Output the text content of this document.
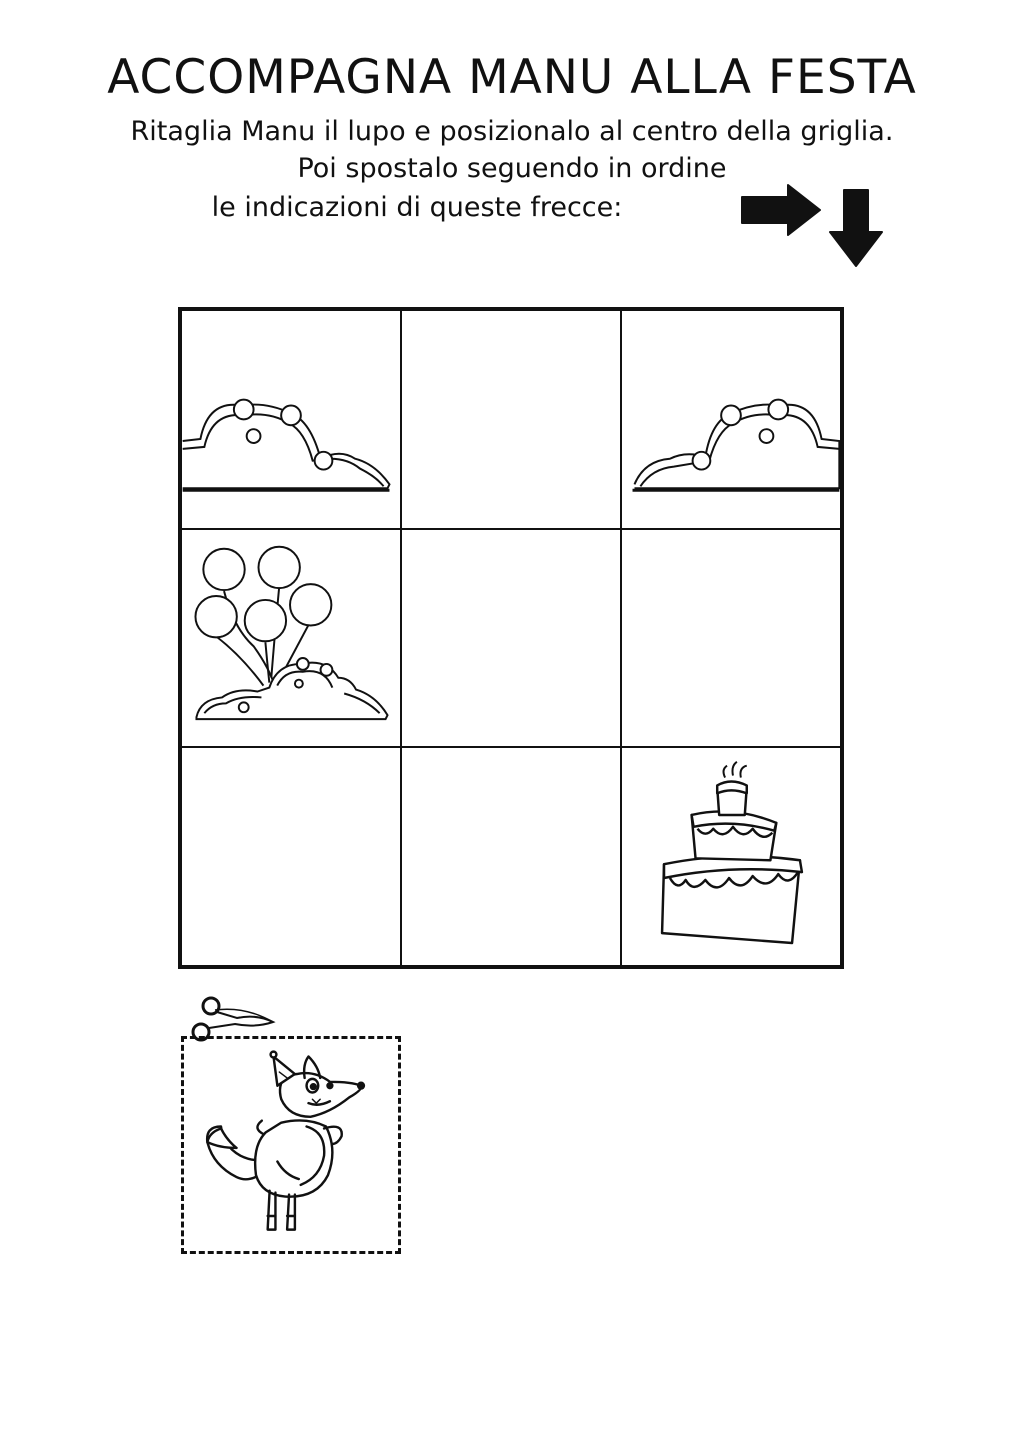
ACCOMPAGNA MANU ALLA FESTA
Ritaglia Manu il lupo e posizionalo al centro della griglia.
Poi spostalo seguendo in ordine
le indicazioni di queste frecce:
